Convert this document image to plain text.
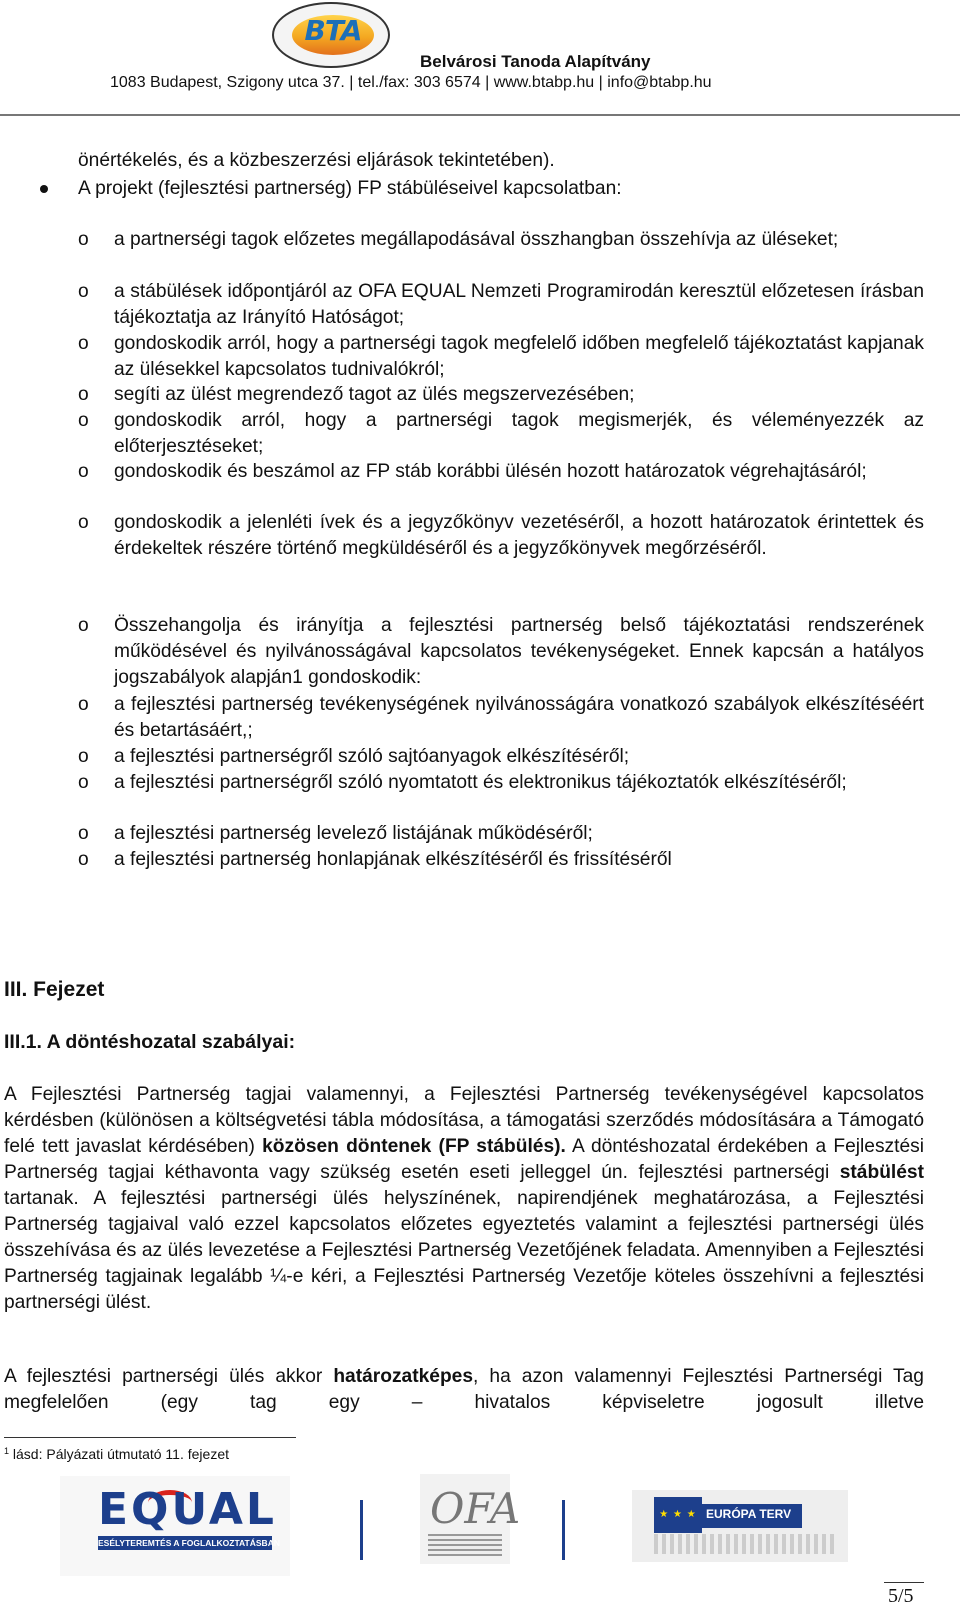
BTA
Belvárosi Tanoda Alapítvány
1083 Budapest, Szigony utca 37. | tel./fax: 303 6574 | www.btabp.hu | info@btabp.hu
önértékelés, és a közbeszerzési eljárások tekintetében).
A projekt (fejlesztési partnerség) FP stábüléseivel kapcsolatban:
o a partnerségi tagok előzetes megállapodásával összhangban összehívja az üléseket;
o a stábülések időpontjáról az OFA EQUAL Nemzeti Programirodán keresztül előzetesen írásban tájékoztatja az Irányító Hatóságot;
o gondoskodik arról, hogy a partnerségi tagok megfelelő időben megfelelő tájékoztatást kapjanak az ülésekkel kapcsolatos tudnivalókról;
o segíti az ülést megrendező tagot az ülés megszervezésében;
o gondoskodik arról, hogy a partnerségi tagok megismerjék, és véleményezzék az előterjesztéseket;
o gondoskodik és beszámol az FP stáb korábbi ülésén hozott határozatok végrehajtásáról;
o gondoskodik a jelenléti ívek és a jegyzőkönyv vezetéséről, a hozott határozatok érintettek és érdekeltek részére történő megküldéséről és a jegyzőkönyvek megőrzéséről.
o Összehangolja és irányítja a fejlesztési partnerség belső tájékoztatási rendszerének működésével és nyilvánosságával kapcsolatos tevékenységeket. Ennek kapcsán a hatályos jogszabályok alapján1 gondoskodik:
o a fejlesztési partnerség tevékenységének nyilvánosságára vonatkozó szabályok elkészítéséért és betartásáért,;
o a fejlesztési partnerségről szóló sajtóanyagok elkészítéséről;
o a fejlesztési partnerségről szóló nyomtatott és elektronikus tájékoztatók elkészítéséről;
o a fejlesztési partnerség levelező listájának működéséről;
o a fejlesztési partnerség honlapjának elkészítéséről és frissítéséről
III. Fejezet
III.1. A döntéshozatal szabályai:
A Fejlesztési Partnerség tagjai valamennyi, a Fejlesztési Partnerség tevékenységével kapcsolatos kérdésben (különösen a költségvetési tábla módosítása, a támogatási szerződés módosítására a Támogató felé tett javaslat kérdésében) közösen döntenek (FP stábülés). A döntéshozatal érdekében a Fejlesztési Partnerség tagjai kéthavonta vagy szükség esetén eseti jelleggel ún. fejlesztési partnerségi stábülést tartanak. A fejlesztési partnerségi ülés helyszínének, napirendjének meghatározása, a Fejlesztési Partnerség tagjaival való ezzel kapcsolatos előzetes egyeztetés valamint a fejlesztési partnerségi ülés összehívása és az ülés levezetése a Fejlesztési Partnerség Vezetőjének feladata. Amennyiben a Fejlesztési Partnerség tagjainak legalább ¼-e kéri, a Fejlesztési Partnerség Vezetője köteles összehívni a fejlesztési partnerségi ülést.
A fejlesztési partnerségi ülés akkor határozatképes, ha azon valamennyi Fejlesztési Partnerségi Tag megfelelően (egy tag egy – hivatalos képviseletre jogosult illetve
$^1$ lásd: Pályázati útmutató 11. fejezet
EQUAL
ESÉLYTEREMTÉS A FOGLALKOZTATÁSBAN
OFA	★ ★ ★ EURÓPA TERV
5/5
